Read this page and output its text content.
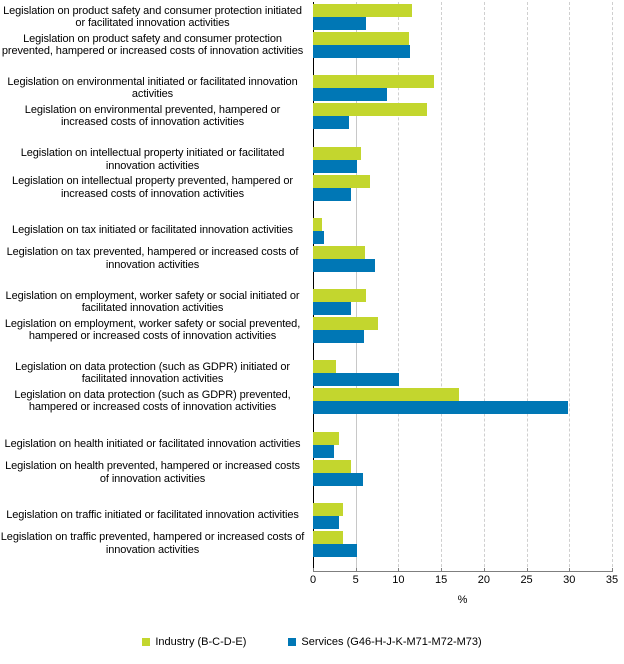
Legislation on product safety and consumer protection initiated or facilitated innovation activities
Legislation on product safety and consumer protection prevented, hampered or increased costs of innovation activities
Legislation on environmental initiated or facilitated innovation activities
Legislation on environmental prevented, hampered or increased costs of innovation activities
Legislation on intellectual property initiated or facilitated innovation activities
Legislation on intellectual property prevented, hampered or increased costs of innovation activities
Legislation on tax initiated or facilitated innovation activities
Legislation on tax prevented, hampered or increased costs of innovation activities
Legislation on employment, worker safety or social initiated or facilitated innovation activities
Legislation on employment, worker safety or social prevented, hampered or increased costs of innovation activities
Legislation on data protection (such as GDPR) initiated or facilitated innovation activities
Legislation on data protection (such as GDPR) prevented, hampered or increased costs of innovation activities
Legislation on health initiated or facilitated innovation activities
Legislation on health prevented, hampered or increased costs of innovation activities
Legislation on traffic initiated or facilitated innovation activities
Legislation on traffic prevented, hampered or increased costs of innovation activities
0	5	10	15	20	25	30	35
%
Industry (B-C-D-E)	Services (G46-H-J-K-M71-M72-M73)
